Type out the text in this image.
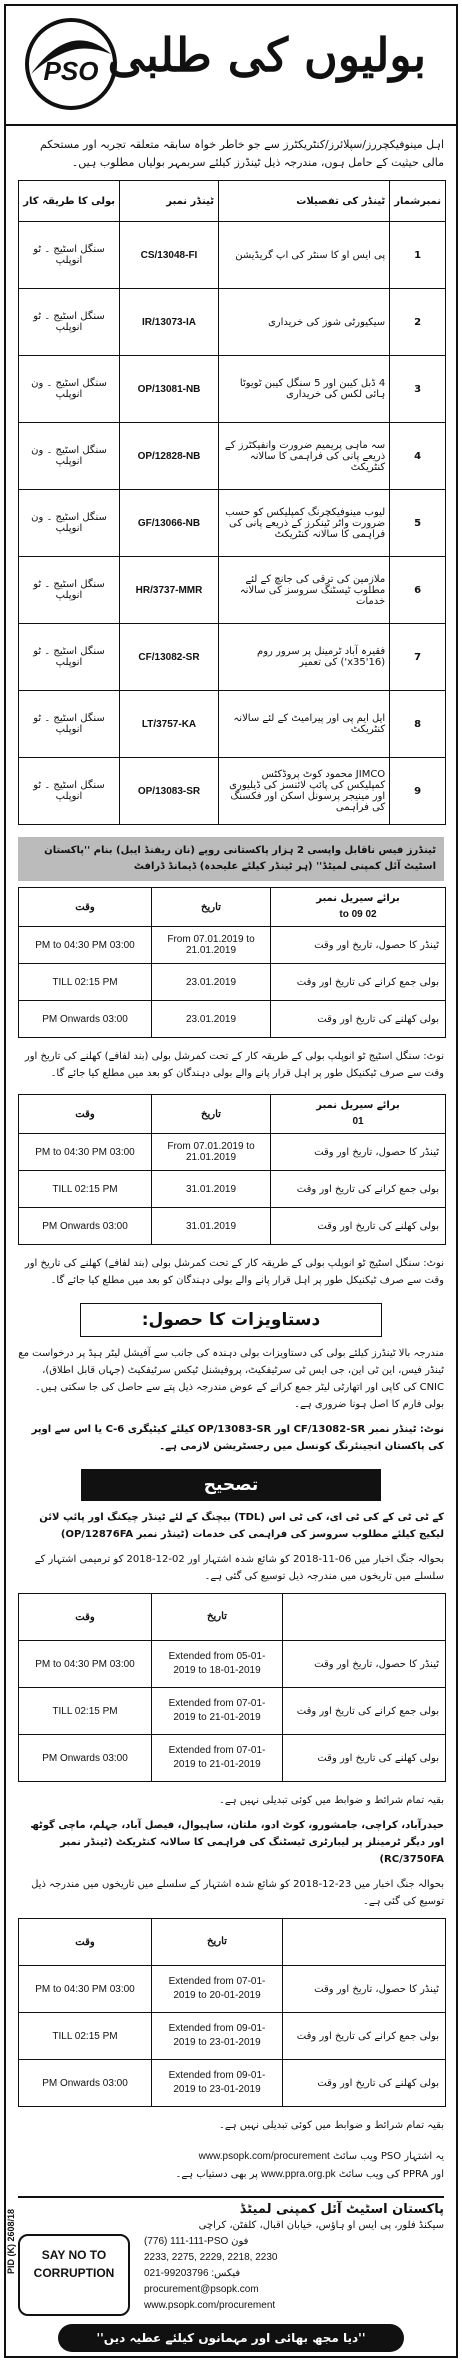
PSO بولیوں کی طلبی
اہل مینوفیکچررز/سپلائرز/کنٹریکٹرز سے جو خاطر خواہ سابقہ متعلقہ تجربہ اور مستحکم مالی حیثیت کے حامل ہوں، مندرجہ ذیل ٹینڈرز کیلئے سربمہر بولیاں مطلوب ہیں۔
نمبرشمار	ٹینڈر کی تفصیلات	ٹینڈر نمبر	بولی کا طریقہ کار
1	پی ایس او کا سنٹر کی اپ گریڈیشن	CS/13048-FI	سنگل اسٹیج ۔ ٹو انوپلپ
2	سیکیورٹی شوز کی خریداری	IR/13073-IA	سنگل اسٹیج ۔ ٹو انوپلپ
3	4 ڈبل کیبن اور 5 سنگل کیبن ٹویوٹا ہائی لکس کی خریداری	OP/13081-NB	سنگل اسٹیج ۔ ون انوپلپ
4	سہ ماہی پریمیم ضرورت وانفیکٹرز کے ذریعے پانی کی فراہمی کا سالانہ کنٹریکٹ	OP/12828-NB	سنگل اسٹیج ۔ ون انوپلپ
5	لیوب مینوفیکچرنگ کمپلیکس کو حسب ضرورت واٹر ٹینکرز کے ذریعے پانی کی فراہمی کا سالانہ کنٹریکٹ	GF/13066-NB	سنگل اسٹیج ۔ ون انوپلپ
6	ملازمین کی ترقی کی جانچ کے لئے مطلوب ٹیسٹنگ سروسز کی سالانہ خدمات	HR/3737-MMR	سنگل اسٹیج ۔ ٹو انوپلپ
7	فقیرہ آباد ٹرمینل پر سرور روم (16'x35') کی تعمیر	CF/13082-SR	سنگل اسٹیج ۔ ٹو انوپلپ
8	ایل ایم پی اور پیرامیٹ کے لئے سالانہ کنٹریکٹ	LT/3757-KA	سنگل اسٹیج ۔ ٹو انوپلپ
9	JIMCO محمود کوٹ پروڈکٹس کمپلیکس کی پائپ لائنسز کی ڈیلیوری اور مینیجر پرسونل اسکن اور فکسنگ کی فراہمی	OP/13083-SR	سنگل اسٹیج ۔ ٹو انوپلپ
ٹینڈرز فیس ناقابل واپسی 2 ہزار پاکستانی روپے (نان ریفنڈ ایبل) بنام ''پاکستان اسٹیٹ آئل کمپنی لمیٹڈ'' (ہر ٹینڈر کیلئے علیحدہ) ڈیمانڈ ڈرافٹ
برائے سیریل نمبر
02 to 09	تاریخ	وقت
ٹینڈر کا حصول، تاریخ اور وقت	From 07.01.2019 to 21.01.2019	03:00 PM to 04:30 PM
بولی جمع کرانے کی تاریخ اور وقت	23.01.2019	TILL 02:15 PM
بولی کھلنے کی تاریخ اور وقت	23.01.2019	03:00 PM Onwards
نوٹ: سنگل اسٹیج ٹو انوپلپ بولی کے طریقہ کار کے تحت کمرشل بولی (بند لفافے) کھلنے کی تاریخ اور وقت سے صرف ٹیکنیکل طور پر اہل قرار پانے والے بولی دہندگان کو بعد میں مطلع کیا جائے گا۔
برائے سیریل نمبر
01	تاریخ	وقت
ٹینڈر کا حصول، تاریخ اور وقت	From 07.01.2019 to 21.01.2019	03:00 PM to 04:30 PM
بولی جمع کرانے کی تاریخ اور وقت	31.01.2019	TILL 02:15 PM
بولی کھلنے کی تاریخ اور وقت	31.01.2019	03:00 PM Onwards
نوٹ: سنگل اسٹیج ٹو انوپلپ بولی کے طریقہ کار کے تحت کمرشل بولی (بند لفافے) کھلنے کی تاریخ اور وقت سے صرف ٹیکنیکل طور پر اہل قرار پانے والے بولی دہندگان کو بعد میں مطلع کیا جائے گا۔
دستاویزات کا حصول:
مندرجہ بالا ٹینڈرز کیلئے بولی کی دستاویزات بولی دہندہ کی جانب سے آفیشل لیٹر ہیڈ پر درخواست مع ٹینڈر فیس، این ٹی این، جی ایس ٹی سرٹیفکیٹ، پروفیشنل ٹیکس سرٹیفکیٹ (جہاں قابل اطلاق)، CNIC کی کاپی اور اتھارٹی لیٹر جمع کرانے کے عوض مندرجہ ذیل پتے سے حاصل کی جا سکتی ہیں۔ بولی فارم کا اصل ہونا ضروری ہے۔
نوٹ: ٹینڈر نمبر CF/13082-SR اور OP/13083-SR کیلئے کیٹیگری C-6 یا اس سے اوپر کی پاکستان انجینئرنگ کونسل میں رجسٹریشن لازمی ہے۔
تصحیح
کے ٹی ٹی کے کی ٹی ای، کی ٹی اس (TDL) بیچنگ کے لئے ٹینڈر چیکنگ اور پائپ لائن لیکیج کیلئے مطلوب سروسز کی فراہمی کی خدمات (ٹینڈر نمبر OP/12876FA)
بحوالہ جنگ اخبار میں 06-11-2018 کو شائع شدہ اشتہار اور 02-12-2018 کو ترمیمی اشتہار کے سلسلے میں تاریخوں میں مندرجہ ذیل توسیع کی گئی ہے۔
	تاریخ	وقت
ٹینڈر کا حصول، تاریخ اور وقت	Extended from 05-01-2019 to 18-01-2019	03:00 PM to 04:30 PM
بولی جمع کرانے کی تاریخ اور وقت	Extended from 07-01-2019 to 21-01-2019	TILL 02:15 PM
بولی کھلنے کی تاریخ اور وقت	Extended from 07-01-2019 to 21-01-2019	03:00 PM Onwards
بقیہ تمام شرائط و ضوابط میں کوئی تبدیلی نہیں ہے۔
حیدرآباد، کراچی، جامشورو، کوٹ ادو، ملتان، ساہیوال، فیصل آباد، جہلم، ماچی گوٹھ اور دیگر ٹرمینلز پر لیبارٹری ٹیسٹنگ کی فراہمی کا سالانہ کنٹریکٹ (ٹینڈر نمبر RC/3750FA)
بحوالہ جنگ اخبار میں 23-12-2018 کو شائع شدہ اشتہار کے سلسلے میں تاریخوں میں مندرجہ ذیل توسیع کی گئی ہے۔
	تاریخ	وقت
ٹینڈر کا حصول، تاریخ اور وقت	Extended from 07-01-2019 to 20-01-2019	03:00 PM to 04:30 PM
بولی جمع کرانے کی تاریخ اور وقت	Extended from 09-01-2019 to 23-01-2019	TILL 02:15 PM
بولی کھلنے کی تاریخ اور وقت	Extended from 09-01-2019 to 23-01-2019	03:00 PM Onwards
بقیہ تمام شرائط و ضوابط میں کوئی تبدیلی نہیں ہے۔
یہ اشتہار PSO ویب سائٹ www.psopk.com/procurement
اور PPRA کی ویب سائٹ www.ppra.org.pk پر بھی دستیاب ہے۔
SAY NO TO CORRUPTION
پاکستان اسٹیٹ آئل کمپنی لمیٹڈ
سیکنڈ فلور، پی ایس او ہاؤس، خیابان اقبال، کلفٹن، کراچی
(776) 111-111-PSO فون
2233, 2275, 2229, 2218, 2230
021-99203796 :فیکس
procurement@psopk.com
www.psopk.com/procurement
PID (K) 2608/18
''دیا مجھ بھائی اور مہمانوں کیلئے عطیہ دیں''
